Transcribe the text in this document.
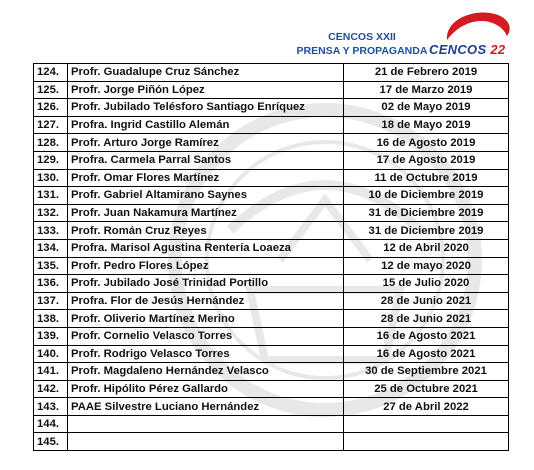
CENCOS XXII
PRENSA Y PROPAGANDA CENCOS 22
124.	Profr. Guadalupe Cruz Sánchez	21 de Febrero 2019
125.	Profr. Jorge Piñón López	17 de Marzo 2019
126.	Profr. Jubilado Telésforo Santiago Enríquez	02 de Mayo 2019
127.	Profra. Ingrid Castillo Alemán	18 de Mayo 2019
128.	Profr. Arturo Jorge Ramírez	16 de Agosto 2019
129.	Profra. Carmela Parral Santos	17 de Agosto 2019
130.	Profr. Omar Flores Martínez	11 de Octubre 2019
131.	Profr. Gabriel Altamirano Saynes	10 de Diciembre 2019
132.	Profr. Juan Nakamura Martínez	31 de Diciembre 2019
133.	Profr. Román Cruz Reyes	31 de Diciembre 2019
134.	Profra. Marisol Agustina Rentería Loaeza	12 de Abril 2020
135.	Profr. Pedro Flores López	12 de mayo 2020
136.	Profr. Jubilado José Trinidad Portillo	15 de Julio 2020
137.	Profra. Flor de Jesús Hernández	28 de Junio 2021
138.	Profr. Oliverio Martínez Merino	28 de Junio 2021
139.	Profr. Cornelio Velasco Torres	16 de Agosto 2021
140.	Profr. Rodrigo Velasco Torres	16 de Agosto 2021
141.	Profr. Magdaleno Hernández Velasco	30 de Septiembre 2021
142.	Profr. Hipólito Pérez Gallardo	25 de Octubre 2021
143.	PAAE Silvestre Luciano Hernández	27 de Abril 2022
144.		
145.		
